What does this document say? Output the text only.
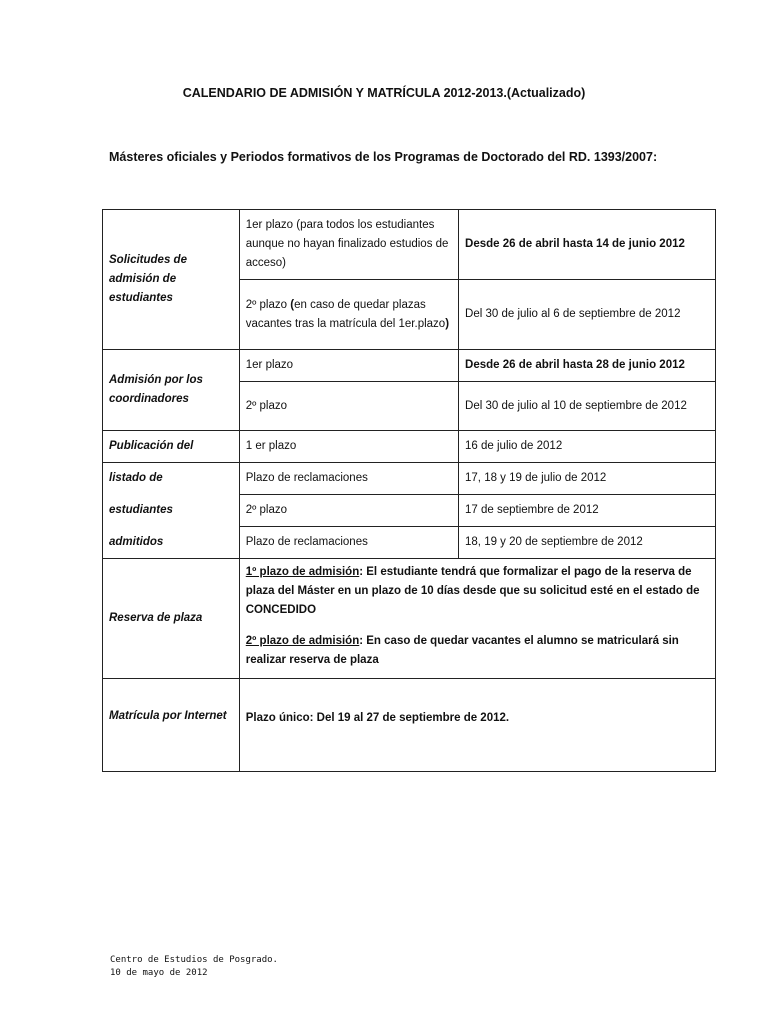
CALENDARIO DE ADMISIÓN Y MATRÍCULA 2012-2013.(Actualizado)
Másteres oficiales y Periodos formativos de los Programas de Doctorado del RD. 1393/2007:
Solicitudes de admisión de estudiantes	1er plazo (para todos los estudiantes aunque no hayan finalizado estudios de acceso)	Desde 26 de abril hasta 14 de junio 2012
	2º plazo (en caso de quedar plazas vacantes tras la matrícula del 1er.plazo)	Del 30 de julio al 6 de septiembre de 2012
Admisión por los coordinadores	1er plazo	Desde 26 de abril hasta 28 de junio 2012
	2º plazo	Del 30 de julio al 10 de septiembre de 2012
Publicación del	1 er plazo	16 de julio de 2012
listado de	Plazo de reclamaciones	17, 18 y 19 de julio de 2012
estudiantes	2º plazo	17 de septiembre de 2012
admitidos	Plazo de reclamaciones	18, 19 y 20 de septiembre de 2012
Reserva de plaza	1º plazo de admisión: El estudiante tendrá que formalizar el pago de la reserva de plaza del Máster en un plazo de 10 días desde que su solicitud esté en el estado de CONCEDIDO

2º plazo de admisión: En caso de quedar vacantes el alumno se matriculará sin realizar reserva de plaza	

Matrícula por Internet	Plazo único: Del 19 al 27 de septiembre de 2012.	
Centro de Estudios de Posgrado.
10 de mayo de 2012
